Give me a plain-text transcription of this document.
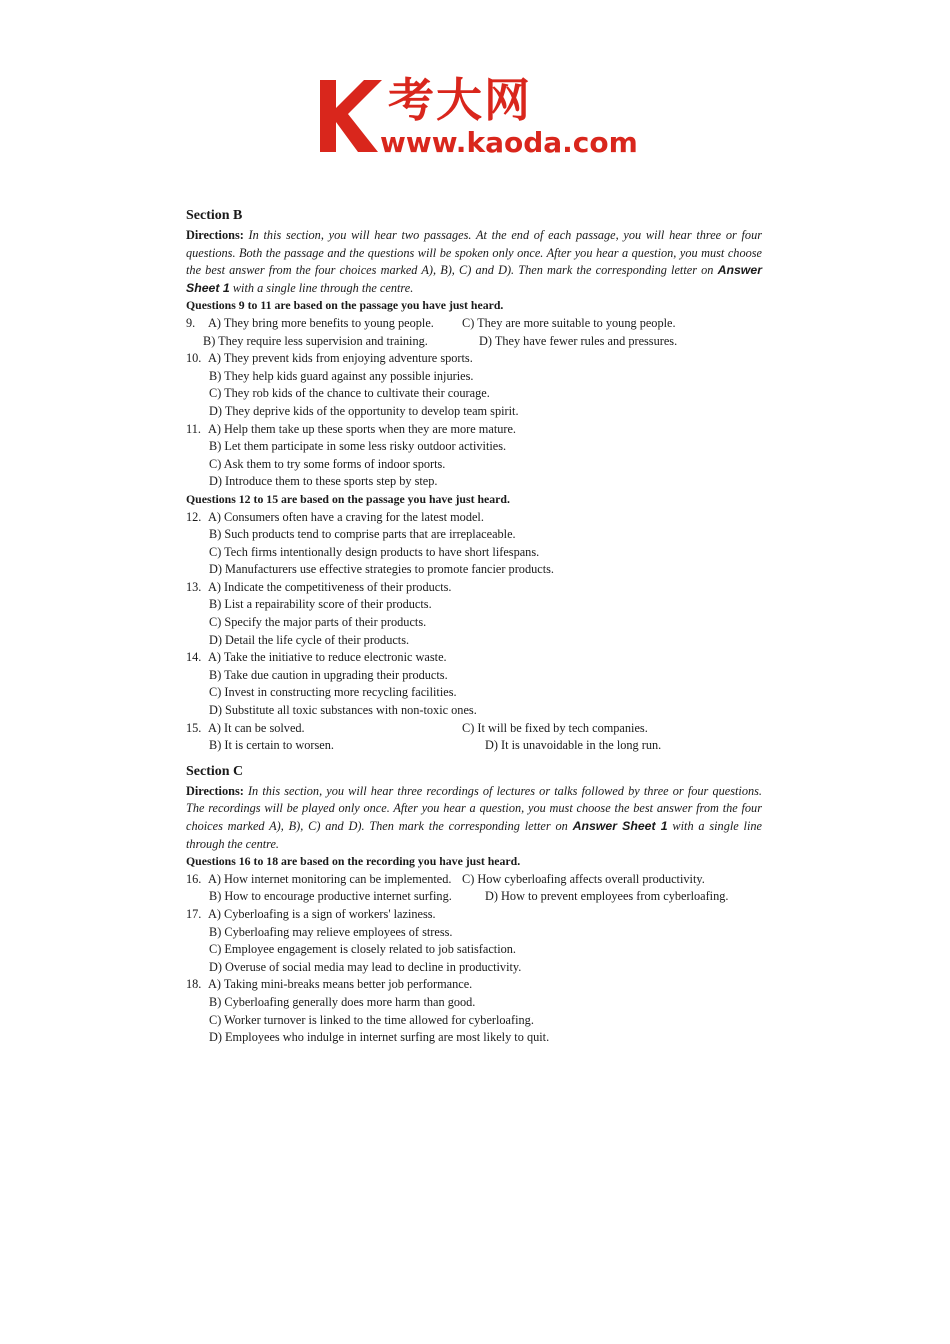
考大网
www.kaoda.com
Section B

Directions: In this section, you will hear two passages. At the end of each passage, you will hear three or four questions. Both the passage and the questions will be spoken only once. After you hear a question, you must choose the best answer from the four choices marked A), B), C) and D). Then mark the corresponding letter on Answer Sheet 1 with a single line through the centre.

Questions 9 to 11 are based on the passage you have just heard.

9.	A) They bring more benefits to young people.	C) They are more suitable to young people.
B) They require less supervision and training.	D) They have fewer rules and pressures.
10. A) They prevent kids from enjoying adventure sports.
B) They help kids guard against any possible injuries.
C) They rob kids of the chance to cultivate their courage.
D) They deprive kids of the opportunity to develop team spirit.
11. A) Help them take up these sports when they are more mature.
B) Let them participate in some less risky outdoor activities.
C) Ask them to try some forms of indoor sports.
D) Introduce them to these sports step by step.

Questions 12 to 15 are based on the passage you have just heard.

12. A) Consumers often have a craving for the latest model.
B) Such products tend to comprise parts that are irreplaceable.
C) Tech firms intentionally design products to have short lifespans.
D) Manufacturers use effective strategies to promote fancier products.
13. A) Indicate the competitiveness of their products.
B) List a repairability score of their products.
C) Specify the major parts of their products.
D) Detail the life cycle of their products.
14. A) Take the initiative to reduce electronic waste.
B) Take due caution in upgrading their products.
C) Invest in constructing more recycling facilities.
D) Substitute all toxic substances with non-toxic ones.
15. A) It can be solved.	C) It will be fixed by tech companies.
B) It is certain to worsen.	D) It is unavoidable in the long run.
Section C

Directions: In this section, you will hear three recordings of lectures or talks followed by three or four questions. The recordings will be played only once. After you hear a question, you must choose the best answer from the four choices marked A), B), C) and D). Then mark the corresponding letter on Answer Sheet 1 with a single line through the centre.

Questions 16 to 18 are based on the recording you have just heard.

16. A) How internet monitoring can be implemented. C) How cyberloafing affects overall productivity.
B) How to encourage productive internet surfing.	D) How to prevent employees from cyberloafing.
17. A) Cyberloafing is a sign of workers' laziness.
B) Cyberloafing may relieve employees of stress.
C) Employee engagement is closely related to job satisfaction.
D) Overuse of social media may lead to decline in productivity.
18. A) Taking mini-breaks means better job performance.
B) Cyberloafing generally does more harm than good.
C) Worker turnover is linked to the time allowed for cyberloafing.
D) Employees who indulge in internet surfing are most likely to quit.
